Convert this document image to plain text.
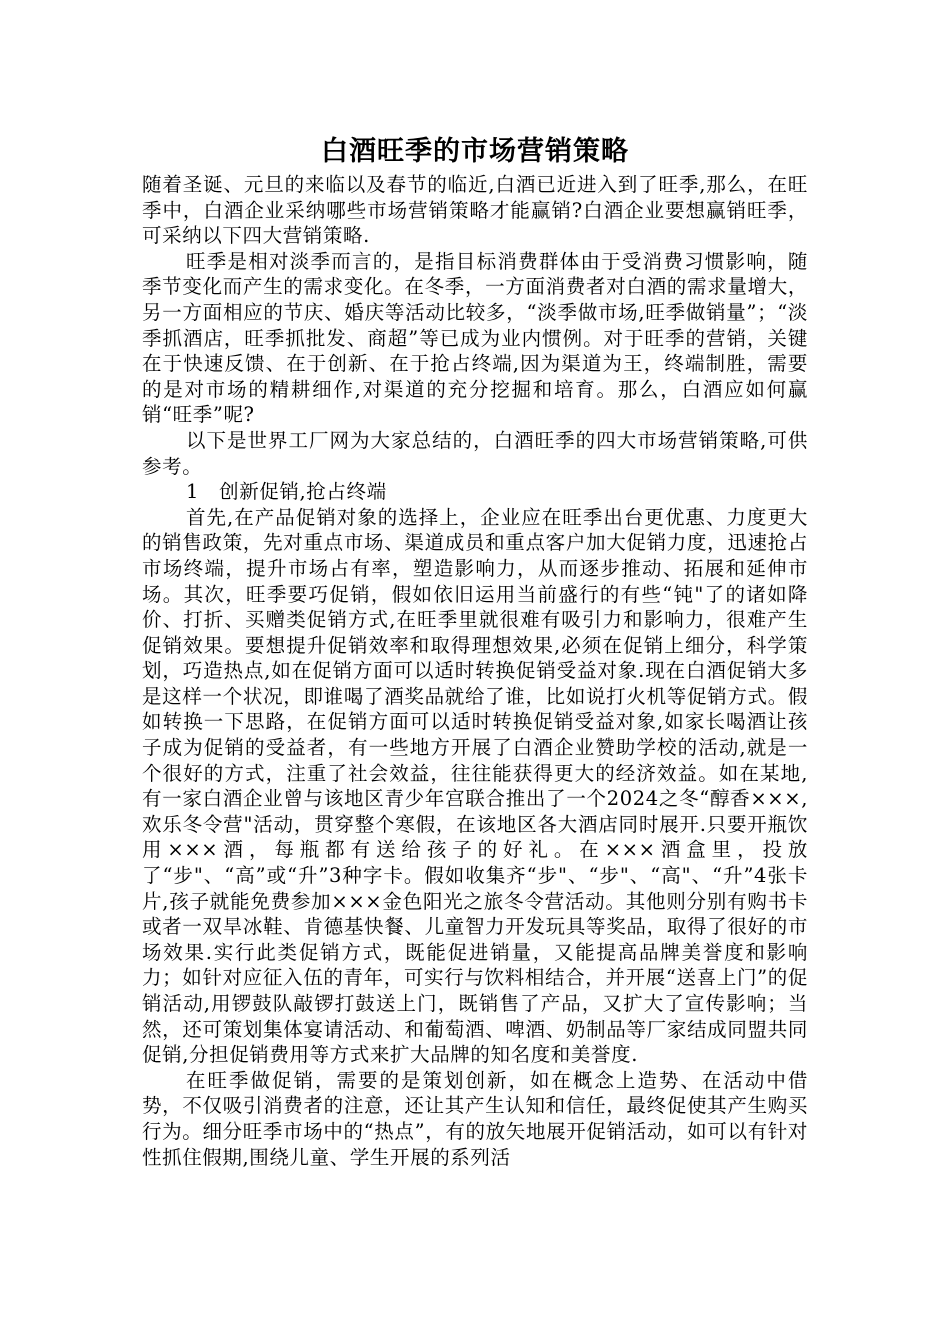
白酒旺季的市场营销策略

随着圣诞、元旦的来临以及春节的临近,白酒已近进入到了旺季,那么，在旺季中，白酒企业采纳哪些市场营销策略才能赢销?白酒企业要想赢销旺季，可采纳以下四大营销策略.

旺季是相对淡季而言的，是指目标消费群体由于受消费习惯影响，随季节变化而产生的需求变化。在冬季，一方面消费者对白酒的需求量增大，另一方面相应的节庆、婚庆等活动比较多，“淡季做市场,旺季做销量”；“淡季抓酒店，旺季抓批发、商超”等已成为业内惯例。对于旺季的营销，关键在于快速反馈、在于创新、在于抢占终端,因为渠道为王，终端制胜，需要的是对市场的精耕细作,对渠道的充分挖掘和培育。那么，白酒应如何赢销“旺季”呢?

以下是世界工厂网为大家总结的，白酒旺季的四大市场营销策略,可供参考。

1　创新促销,抢占终端

首先,在产品促销对象的选择上，企业应在旺季出台更优惠、力度更大的销售政策，先对重点市场、渠道成员和重点客户加大促销力度，迅速抢占市场终端，提升市场占有率，塑造影响力，从而逐步推动、拓展和延伸市场。其次，旺季要巧促销，假如依旧运用当前盛行的有些“钝"了的诸如降价、打折、买赠类促销方式,在旺季里就很难有吸引力和影响力，很难产生促销效果。要想提升促销效率和取得理想效果,必须在促销上细分，科学策划，巧造热点,如在促销方面可以适时转换促销受益对象.现在白酒促销大多是这样一个状况，即谁喝了酒奖品就给了谁，比如说打火机等促销方式。假如转换一下思路，在促销方面可以适时转换促销受益对象,如家长喝酒让孩子成为促销的受益者，有一些地方开展了白酒企业赞助学校的活动,就是一个很好的方式，注重了社会效益，往往能获得更大的经济效益。如在某地,有一家白酒企业曾与该地区青少年宫联合推出了一个2024之冬“醇香×××,欢乐冬令营"活动，贯穿整个寒假，在该地区各大酒店同时展开.只要开瓶饮用×××酒，每瓶都有送给孩子的好礼。在×××酒盒里，投放了“步"、“高”或“升”3种字卡。假如收集齐“步"、“步"、“高"、“升”4张卡片,孩子就能免费参加×××金色阳光之旅冬令营活动。其他则分别有购书卡或者一双旱冰鞋、肯德基快餐、儿童智力开发玩具等奖品，取得了很好的市场效果.实行此类促销方式，既能促进销量，又能提高品牌美誉度和影响力；如针对应征入伍的青年，可实行与饮料相结合，并开展“送喜上门”的促销活动,用锣鼓队敲锣打鼓送上门，既销售了产品，又扩大了宣传影响；当然，还可策划集体宴请活动、和葡萄酒、啤酒、奶制品等厂家结成同盟共同促销,分担促销费用等方式来扩大品牌的知名度和美誉度.

在旺季做促销，需要的是策划创新，如在概念上造势、在活动中借势，不仅吸引消费者的注意，还让其产生认知和信任，最终促使其产生购买行为。细分旺季市场中的“热点”，有的放矢地展开促销活动，如可以有针对性抓住假期,围绕儿童、学生开展的系列活
